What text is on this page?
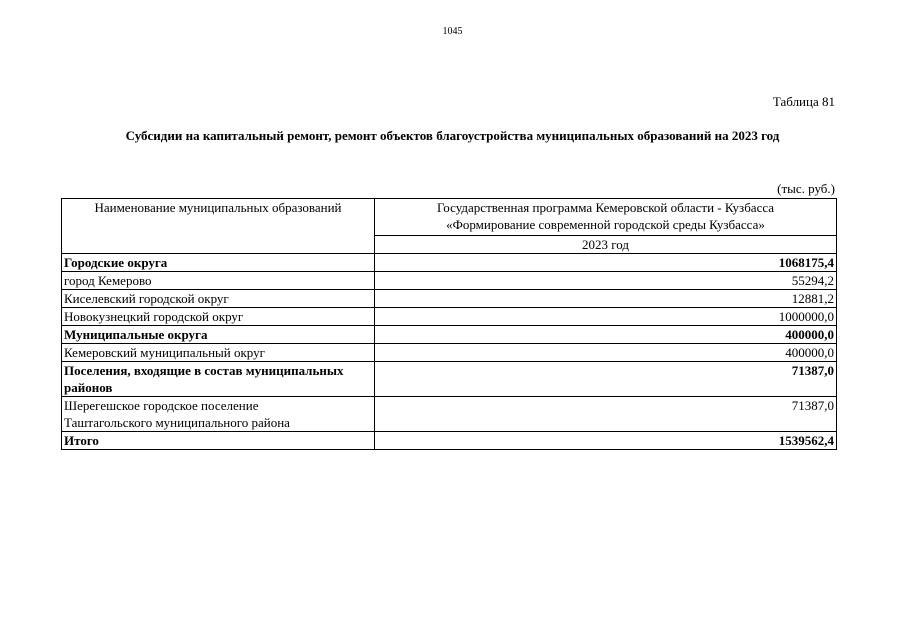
1045
Таблица 81
Субсидии на капитальный ремонт, ремонт объектов благоустройства муниципальных образований на 2023 год
(тыс. руб.)
Наименование муниципальных образований	Государственная программа Кемеровской области - Кузбасса
«Формирование современной городской среды Кузбасса»

	2023 год
Городские округа	1068175,4
город Кемерово	55294,2
Киселевский городской округ	12881,2
Новокузнецкий городской округ	1000000,0
Муниципальные округа	400000,0
Кемеровский муниципальный округ	400000,0

Поселения, входящие в состав муниципальных
районов	71387,0

Шерегешское городское поселение
Таштагольского муниципального района	71387,0
Итого	1539562,4
